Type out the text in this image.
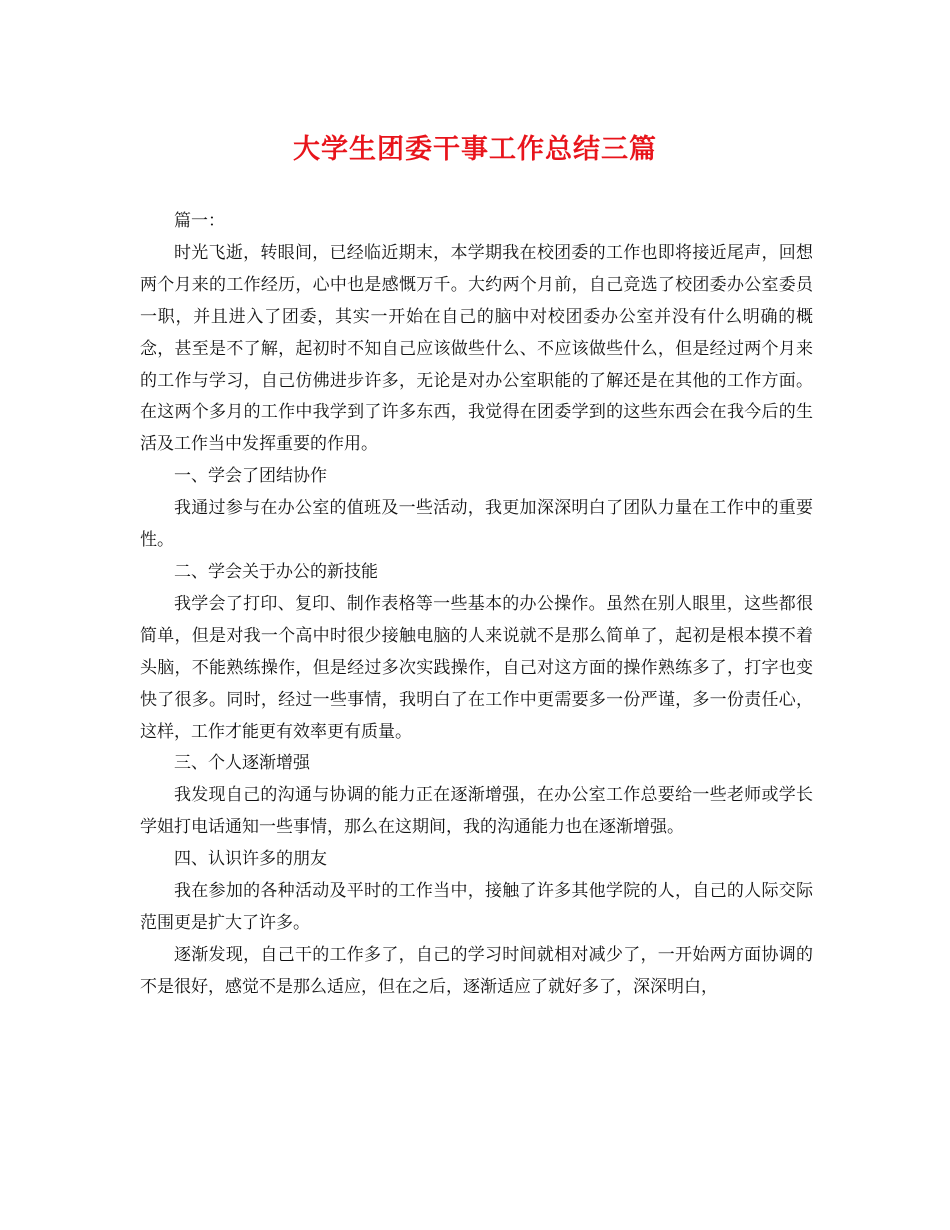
大学生团委干事工作总结三篇

篇一：

时光飞逝，转眼间，已经临近期末，本学期我在校团委的工作也即将接近尾声，回想两个月来的工作经历，心中也是感慨万千。大约两个月前，自己竞选了校团委办公室委员一职，并且进入了团委，其实一开始在自己的脑中对校团委办公室并没有什么明确的概念，甚至是不了解，起初时不知自己应该做些什么、不应该做些什么，但是经过两个月来的工作与学习，自己仿佛进步许多，无论是对办公室职能的了解还是在其他的工作方面。在这两个多月的工作中我学到了许多东西，我觉得在团委学到的这些东西会在我今后的生活及工作当中发挥重要的作用。

一、学会了团结协作

我通过参与在办公室的值班及一些活动，我更加深深明白了团队力量在工作中的重要性。

二、学会关于办公的新技能

我学会了打印、复印、制作表格等一些基本的办公操作。虽然在别人眼里，这些都很简单，但是对我一个高中时很少接触电脑的人来说就不是那么简单了，起初是根本摸不着头脑，不能熟练操作，但是经过多次实践操作，自己对这方面的操作熟练多了，打字也变快了很多。同时，经过一些事情，我明白了在工作中更需要多一份严谨，多一份责任心，这样，工作才能更有效率更有质量。

三、个人逐渐增强

我发现自己的沟通与协调的能力正在逐渐增强，在办公室工作总要给一些老师或学长学姐打电话通知一些事情，那么在这期间，我的沟通能力也在逐渐增强。

四、认识许多的朋友

我在参加的各种活动及平时的工作当中，接触了许多其他学院的人，自己的人际交际范围更是扩大了许多。

逐渐发现，自己干的工作多了，自己的学习时间就相对减少了，一开始两方面协调的不是很好，感觉不是那么适应，但在之后，逐渐适应了就好多了，深深明白，
